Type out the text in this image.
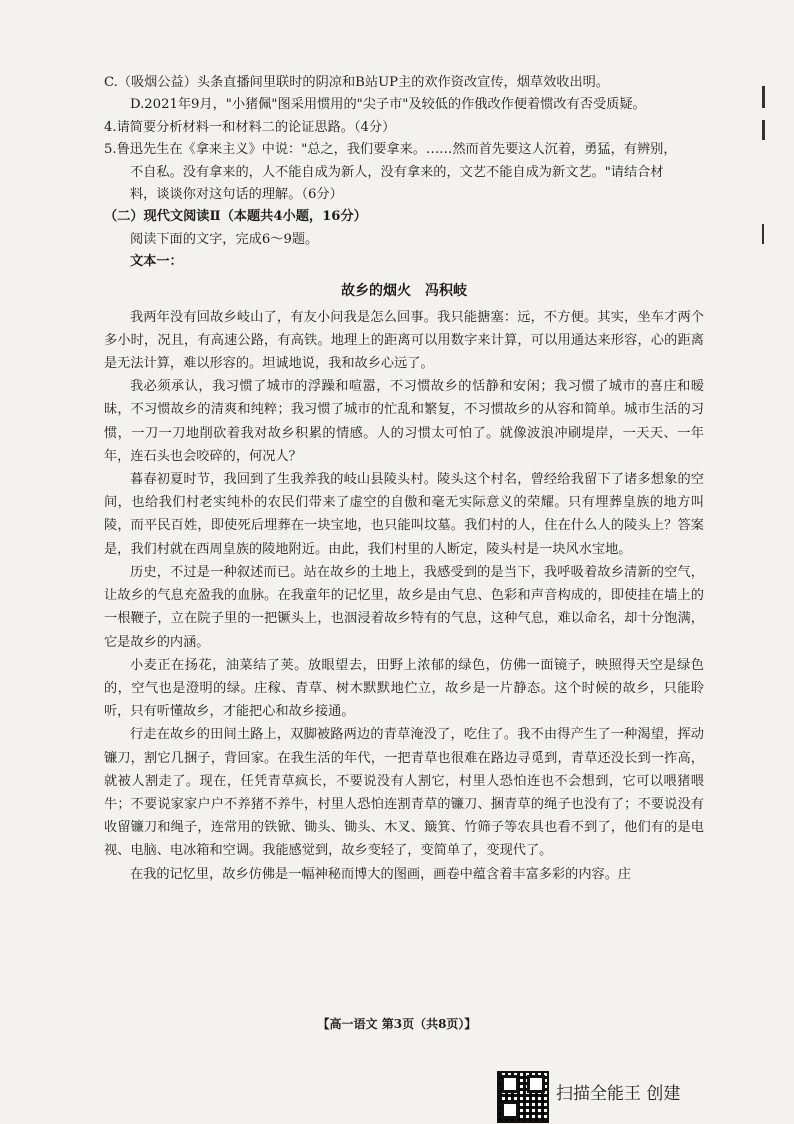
C.（吸烟公益）头条直播间里联时的阴凉和B站UP主的欢作资改宣传，烟草效收出明。

D.2021年9月，"小猪佩"图采用惯用的"尖子市"及较低的作俄改作便着惯改有否受质疑。

4.请简要分析材料一和材料二的论证思路。（4分）

5.鲁迅先生在《拿来主义》中说："总之，我们要拿来。……然而首先要这人沉着，勇猛，有辨别，

不自私。没有拿来的，人不能自成为新人，没有拿来的，文艺不能自成为新文艺。"请结合材

料，谈谈你对这句话的理解。（6分）

（二）现代文阅读Ⅱ（本题共4小题，16分）

阅读下面的文字，完成6～9题。

文本一：

故乡的烟火 冯积岐

我两年没有回故乡岐山了，有友小问我是怎么回事。我只能搪塞：远，不方便。其实，坐车才两个多小时，况且，有高速公路，有高铁。地理上的距离可以用数字来计算，可以用通达来形容，心的距离是无法计算，难以形容的。坦诚地说，我和故乡心远了。

我必须承认，我习惯了城市的浮躁和喧嚣，不习惯故乡的恬静和安闲；我习惯了城市的喜庄和暧昧，不习惯故乡的清爽和纯粹；我习惯了城市的忙乱和繁复，不习惯故乡的从容和简单。城市生活的习惯，一刀一刀地削砍着我对故乡积累的情感。人的习惯太可怕了。就像波浪冲刷堤岸，一天天、一年年，连石头也会咬碎的，何况人？

暮春初夏时节，我回到了生我养我的岐山县陵头村。陵头这个村名，曾经给我留下了诸多想象的空间，也给我们村老实纯朴的农民们带来了虚空的自傲和毫无实际意义的荣耀。只有埋葬皇族的地方叫陵，而平民百姓，即使死后埋葬在一块宝地，也只能叫坟墓。我们村的人，住在什么人的陵头上？答案是，我们村就在西周皇族的陵地附近。由此，我们村里的人断定，陵头村是一块风水宝地。

历史，不过是一种叙述而已。站在故乡的土地上，我感受到的是当下，我呼吸着故乡清新的空气，让故乡的气息充盈我的血脉。在我童年的记忆里，故乡是由气息、色彩和声音构成的，即使挂在墙上的一根鞭子，立在院子里的一把镢头上，也洇浸着故乡特有的气息，这种气息，难以命名，却十分饱满，它是故乡的内涵。

小麦正在扬花，油菜结了荚。放眼望去，田野上浓郁的绿色，仿佛一面镜子，映照得天空是绿色的，空气也是澄明的绿。庄稼、青草、树木默默地伫立，故乡是一片静态。这个时候的故乡，只能聆听，只有听懂故乡，才能把心和故乡接通。

行走在故乡的田间土路上，双脚被路两边的青草淹没了，吃住了。我不由得产生了一种渴望，挥动镰刀，割它几捆子，背回家。在我生活的年代，一把青草也很难在路边寻觅到，青草还没长到一拃高，就被人割走了。现在，任凭青草疯长，不要说没有人割它，村里人恐怕连也不会想到，它可以喂猪喂牛；不要说家家户户不养猪不养牛，村里人恐怕连割青草的镰刀、捆青草的绳子也没有了；不要说没有收留镰刀和绳子，连常用的铁锨、锄头、锄头、木叉、簸箕、竹筛子等农具也看不到了，他们有的是电视、电脑、电冰箱和空调。我能感觉到，故乡变轻了，变简单了，变现代了。

在我的记忆里，故乡仿佛是一幅神秘而博大的图画，画卷中蕴含着丰富多彩的内容。庄

【高一语文 第3页（共8页）】
扫描全能王 创建
